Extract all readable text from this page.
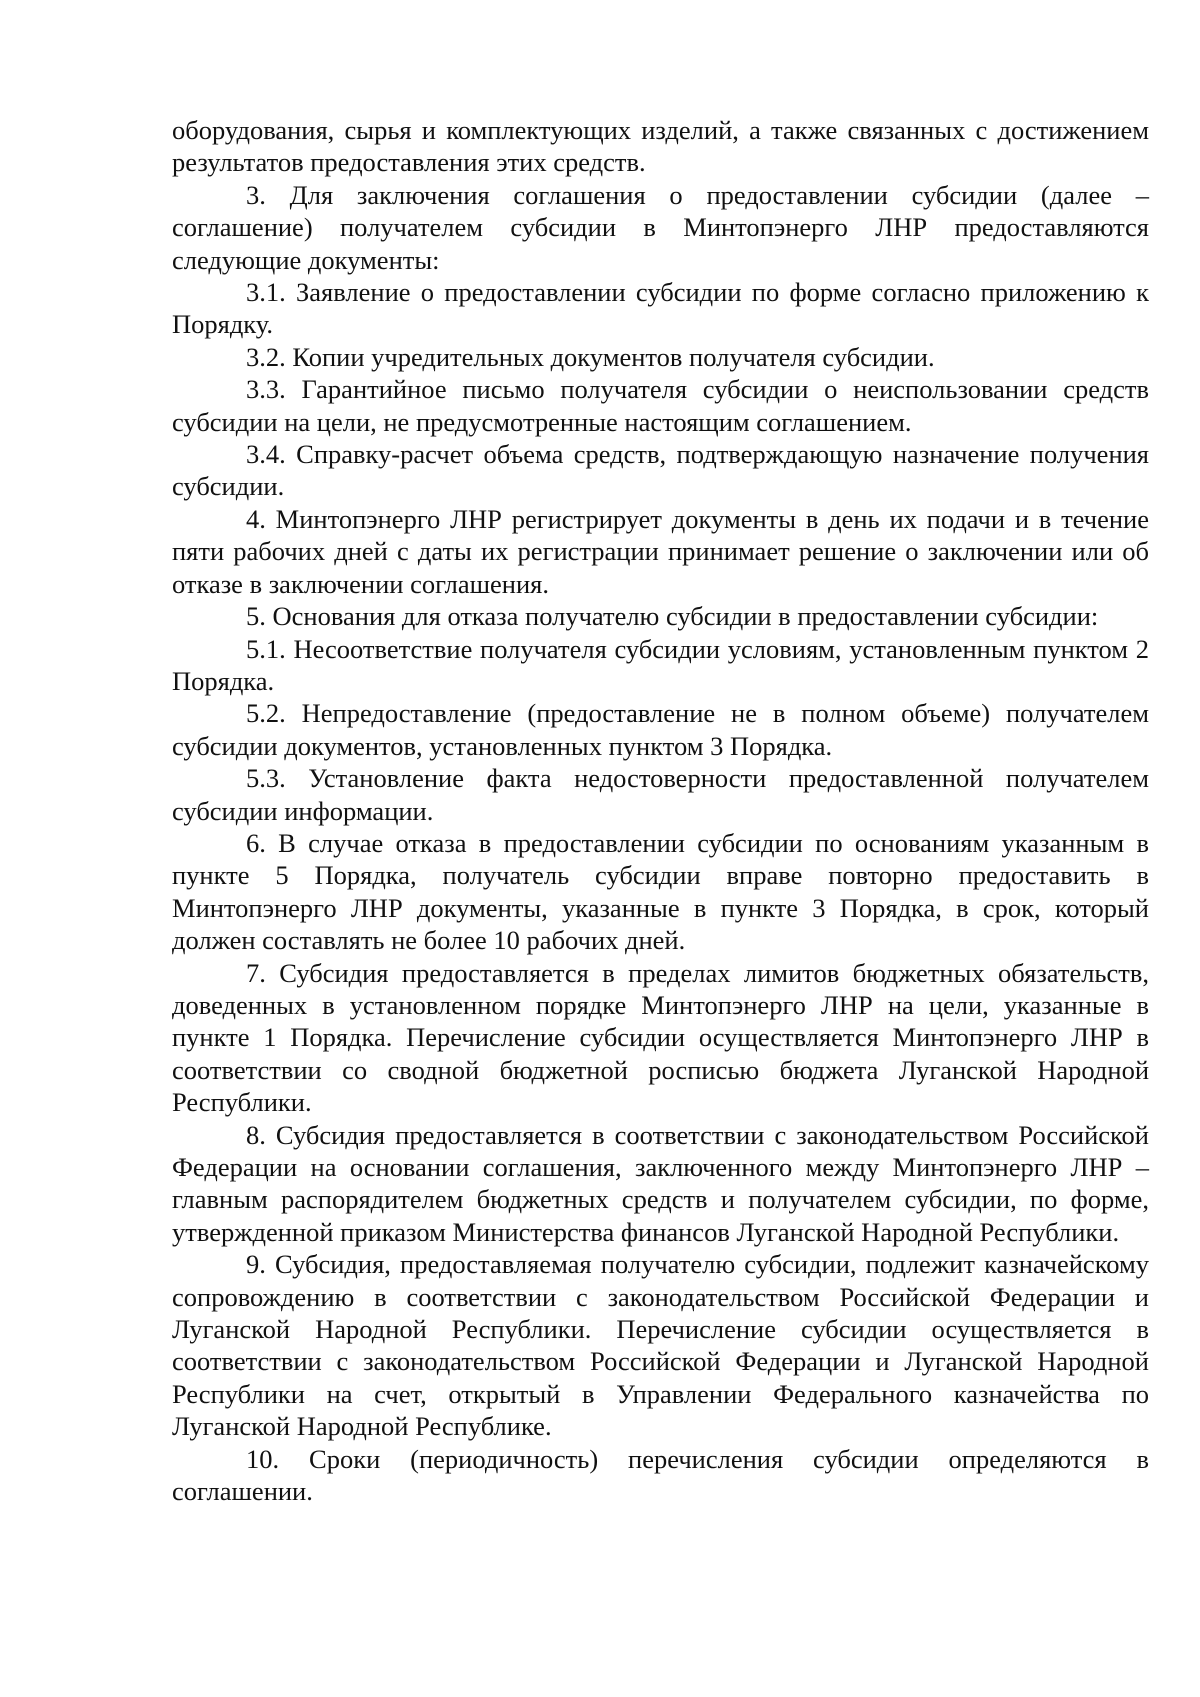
оборудования, сырья и комплектующих изделий, а также связанных с достижением результатов предоставления этих средств.

3. Для заключения соглашения о предоставлении субсидии (далее – соглашение) получателем субсидии в Минтопэнерго ЛНР предоставляются следующие документы:

3.1. Заявление о предоставлении субсидии по форме согласно приложению к Порядку.

3.2. Копии учредительных документов получателя субсидии.

3.3. Гарантийное письмо получателя субсидии о неиспользовании средств субсидии на цели, не предусмотренные настоящим соглашением.

3.4. Справку-расчет объема средств, подтверждающую назначение получения субсидии.

4. Минтопэнерго ЛНР регистрирует документы в день их подачи и в течение пяти рабочих дней с даты их регистрации принимает решение о заключении или об отказе в заключении соглашения.

5. Основания для отказа получателю субсидии в предоставлении субсидии:

5.1. Несоответствие получателя субсидии условиям, установленным пунктом 2 Порядка.

5.2. Непредоставление (предоставление не в полном объеме) получателем субсидии документов, установленных пунктом 3 Порядка.

5.3. Установление факта недостоверности предоставленной получателем субсидии информации.

6. В случае отказа в предоставлении субсидии по основаниям указанным в пункте 5 Порядка, получатель субсидии вправе повторно предоставить в Минтопэнерго ЛНР документы, указанные в пункте 3 Порядка, в срок, который должен составлять не более 10 рабочих дней.

7. Субсидия предоставляется в пределах лимитов бюджетных обязательств, доведенных в установленном порядке Минтопэнерго ЛНР на цели, указанные в пункте 1 Порядка. Перечисление субсидии осуществляется Минтопэнерго ЛНР в соответствии со сводной бюджетной росписью бюджета Луганской Народной Республики.

8. Субсидия предоставляется в соответствии с законодательством Российской Федерации на основании соглашения, заключенного между Минтопэнерго ЛНР – главным распорядителем бюджетных средств и получателем субсидии, по форме, утвержденной приказом Министерства финансов Луганской Народной Республики.

9. Субсидия, предоставляемая получателю субсидии, подлежит казначейскому сопровождению в соответствии с законодательством Российской Федерации и Луганской Народной Республики. Перечисление субсидии осуществляется в соответствии с законодательством Российской Федерации и Луганской Народной Республики на счет, открытый в Управлении Федерального казначейства по Луганской Народной Республике.

10. Сроки (периодичность) перечисления субсидии определяются в соглашении.
